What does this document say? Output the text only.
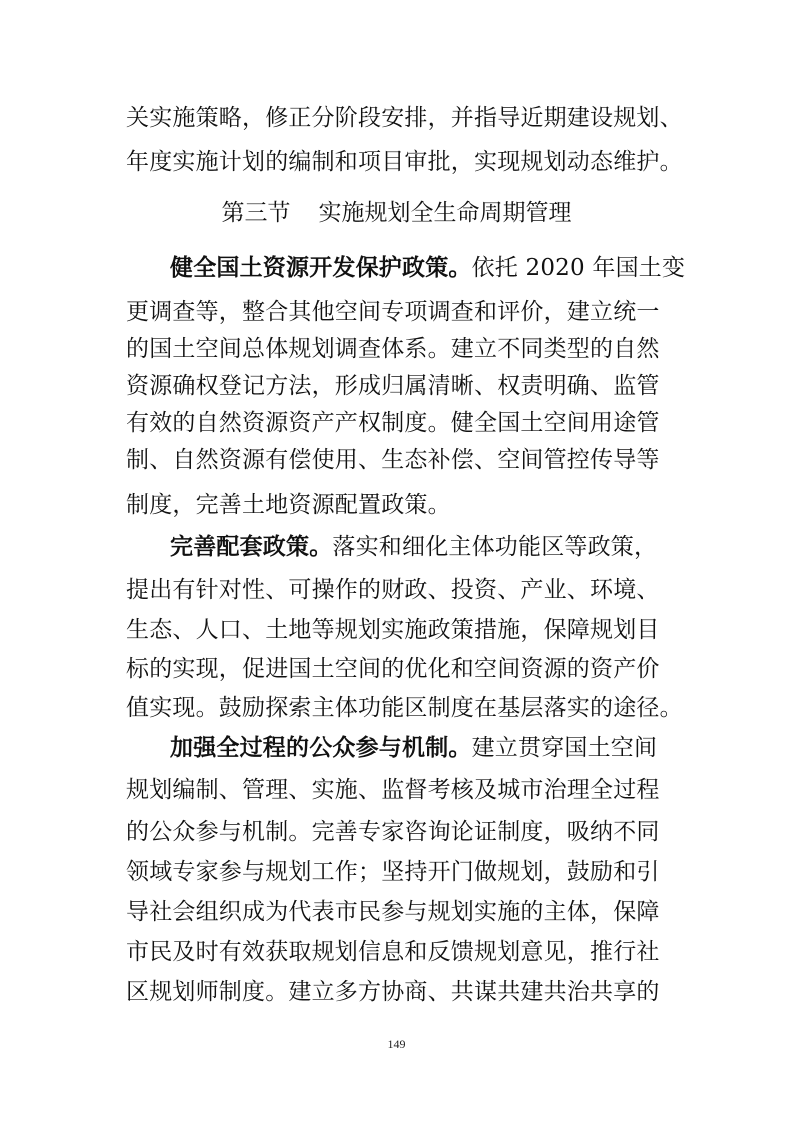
关实施策略，修正分阶段安排，并指导近期建设规划、
年度实施计划的编制和项目审批，实现规划动态维护。
第三节 实施规划全生命周期管理
健全国土资源开发保护政策。依托 2020 年国土变
更调查等，整合其他空间专项调查和评价，建立统一
的国土空间总体规划调查体系。建立不同类型的自然
资源确权登记方法，形成归属清晰、权责明确、监管
有效的自然资源资产产权制度。健全国土空间用途管
制、自然资源有偿使用、生态补偿、空间管控传导等
制度，完善土地资源配置政策。
完善配套政策。落实和细化主体功能区等政策，
提出有针对性、可操作的财政、投资、产业、环境、
生态、人口、土地等规划实施政策措施，保障规划目
标的实现，促进国土空间的优化和空间资源的资产价
值实现。鼓励探索主体功能区制度在基层落实的途径。
加强全过程的公众参与机制。建立贯穿国土空间
规划编制、管理、实施、监督考核及城市治理全过程
的公众参与机制。完善专家咨询论证制度，吸纳不同
领域专家参与规划工作；坚持开门做规划，鼓励和引
导社会组织成为代表市民参与规划实施的主体，保障
市民及时有效获取规划信息和反馈规划意见，推行社
区规划师制度。建立多方协商、共谋共建共治共享的
149
